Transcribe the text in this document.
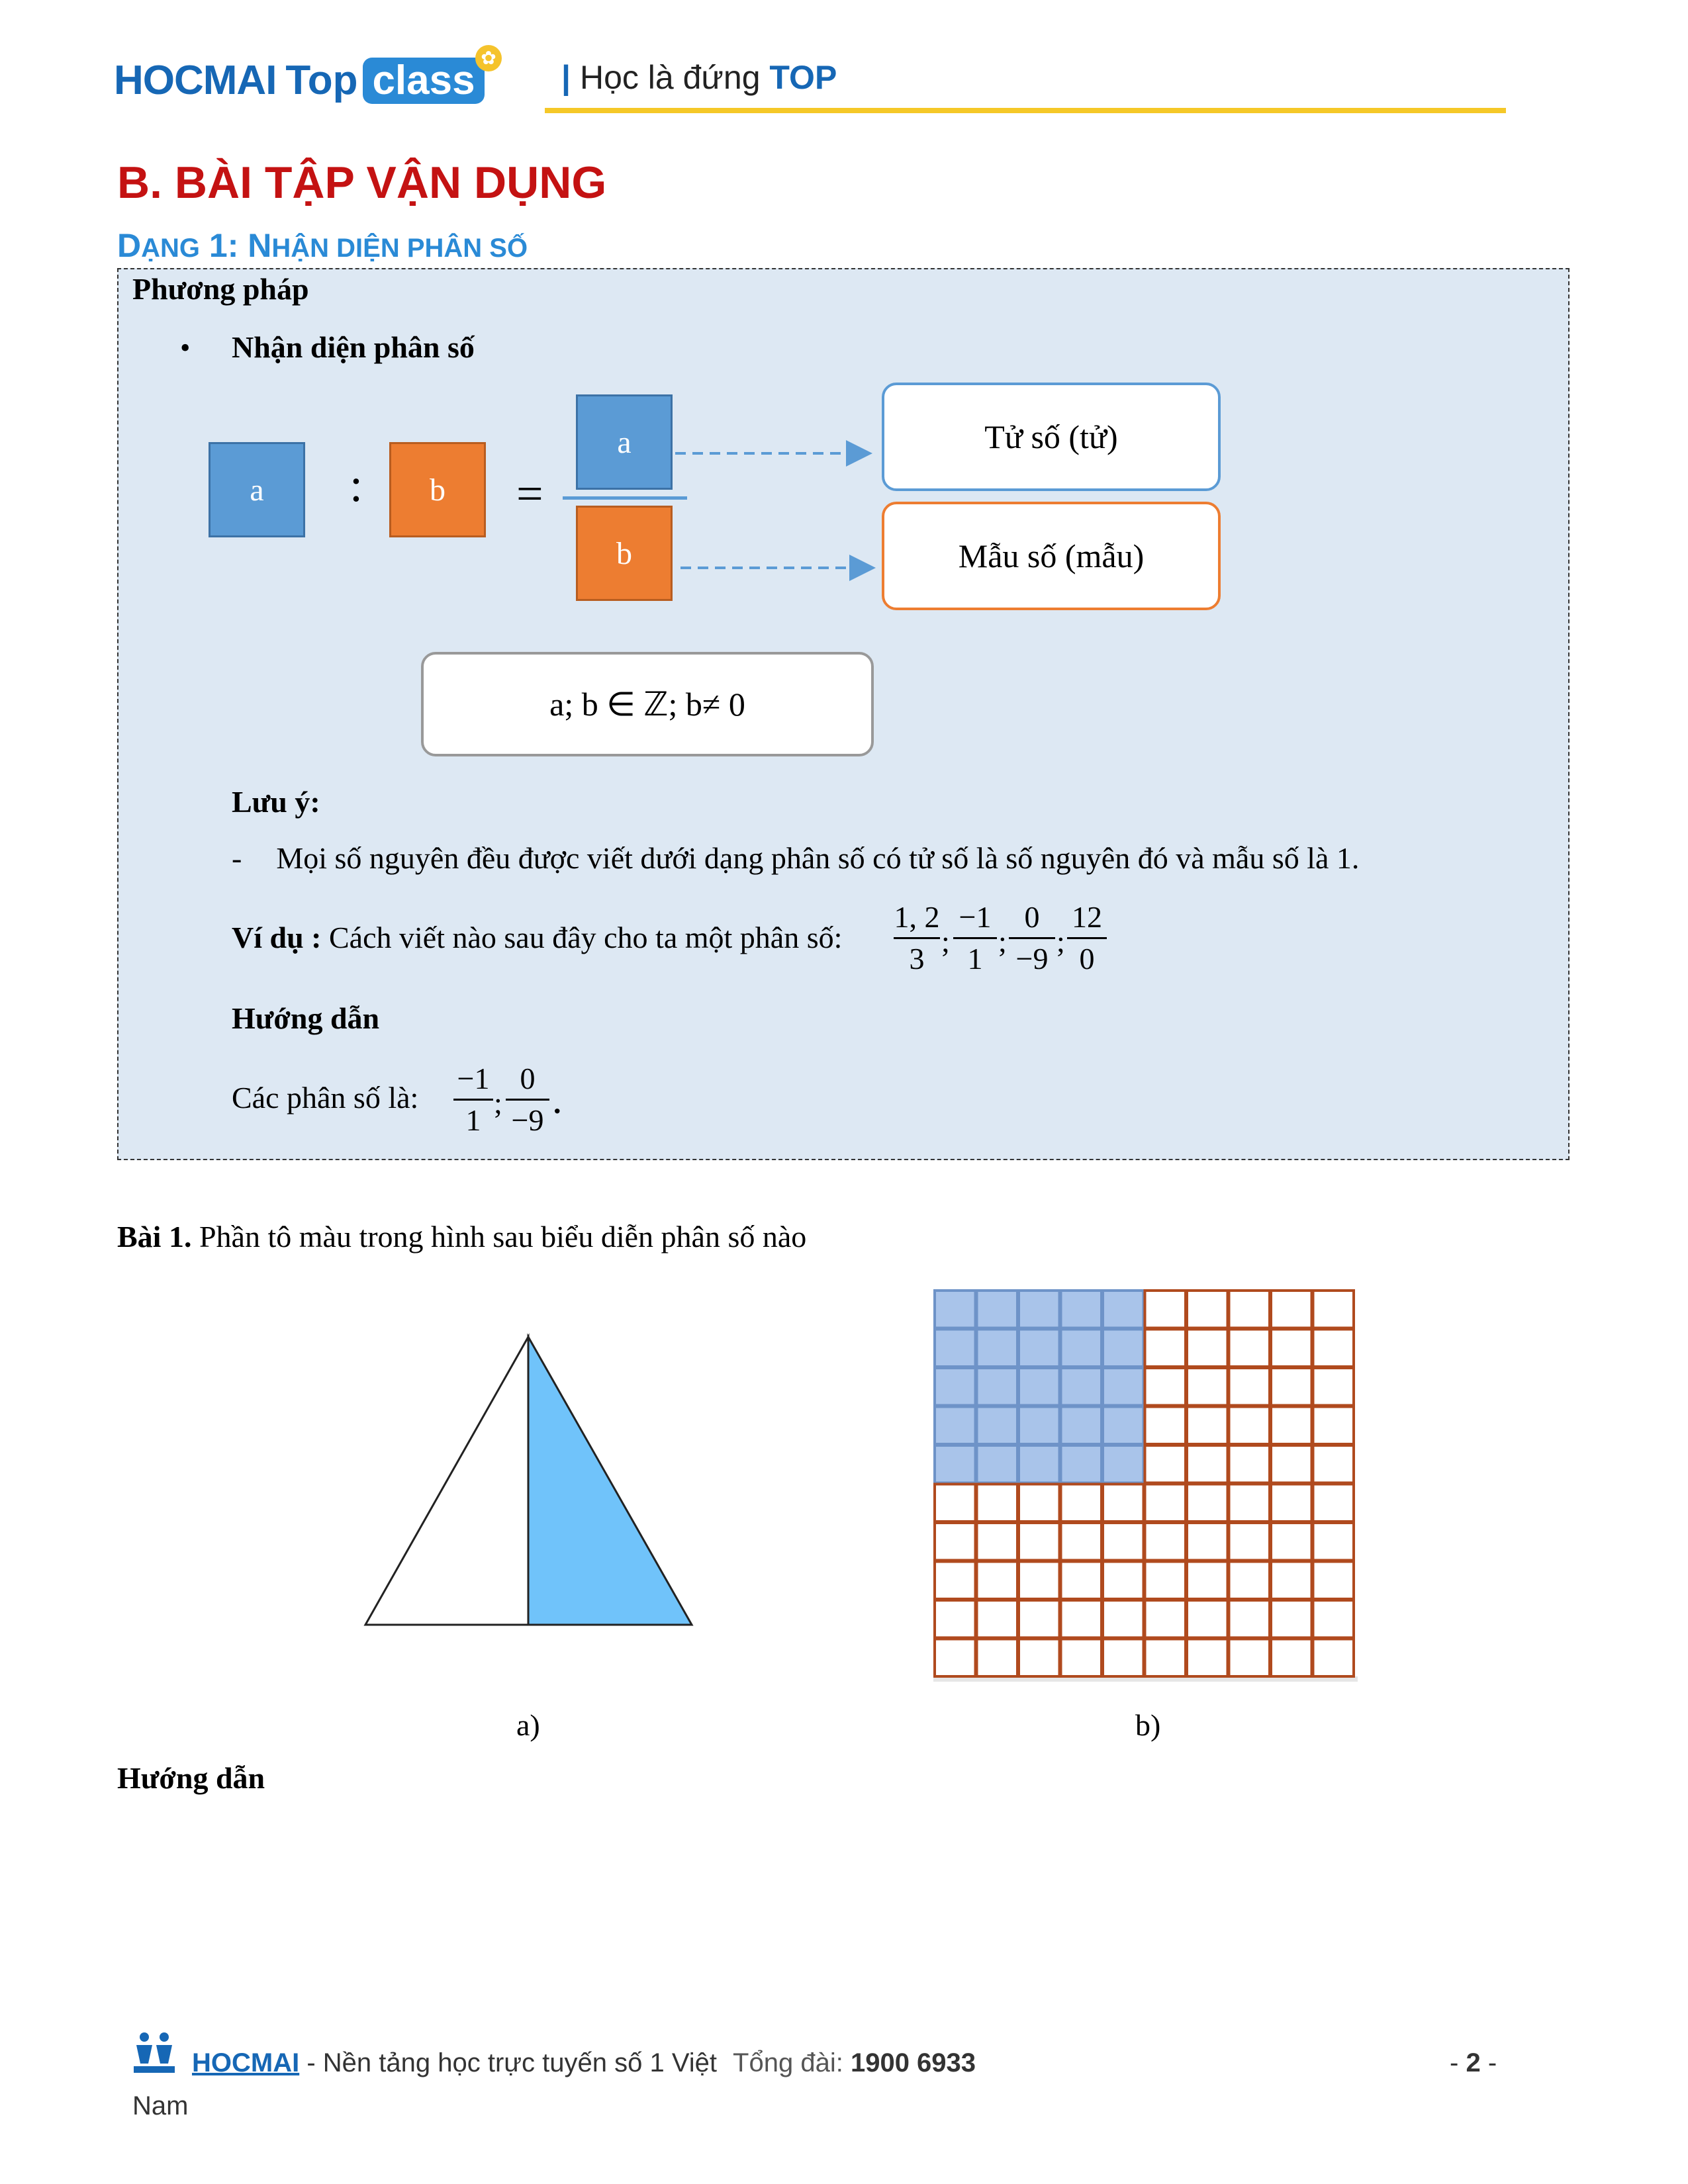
HOCMAI Top class ✿
| Học là đứng TOP
B. BÀI TẬP VẬN DỤNG
DẠNG 1: NHẬN DIỆN PHÂN SỐ
Phương pháp
• Nhận diện phân số
a	:	b	=
a
b
Tử số (tử)
Mẫu số (mẫu)
a; b ∈ ℤ; b≠ 0
Lưu ý:
- Mọi số nguyên đều được viết dưới dạng phân số có tử số là số nguyên đó và mẫu số là 1.
Ví dụ : Cách viết nào sau đây cho ta một phân số:
1, 2
3
;
−1
1
;
0
−9
;
12
0
Hướng dẫn
Các phân số là:
−1
1
;
0
−9
.
Bài 1. Phần tô màu trong hình sau biểu diễn phân số nào
a)	b)
Hướng dẫn
HOCMAI - Nền tảng học trực tuyến số 1 Việt Tổng đài: 1900 6933
Nam
- 2 -
